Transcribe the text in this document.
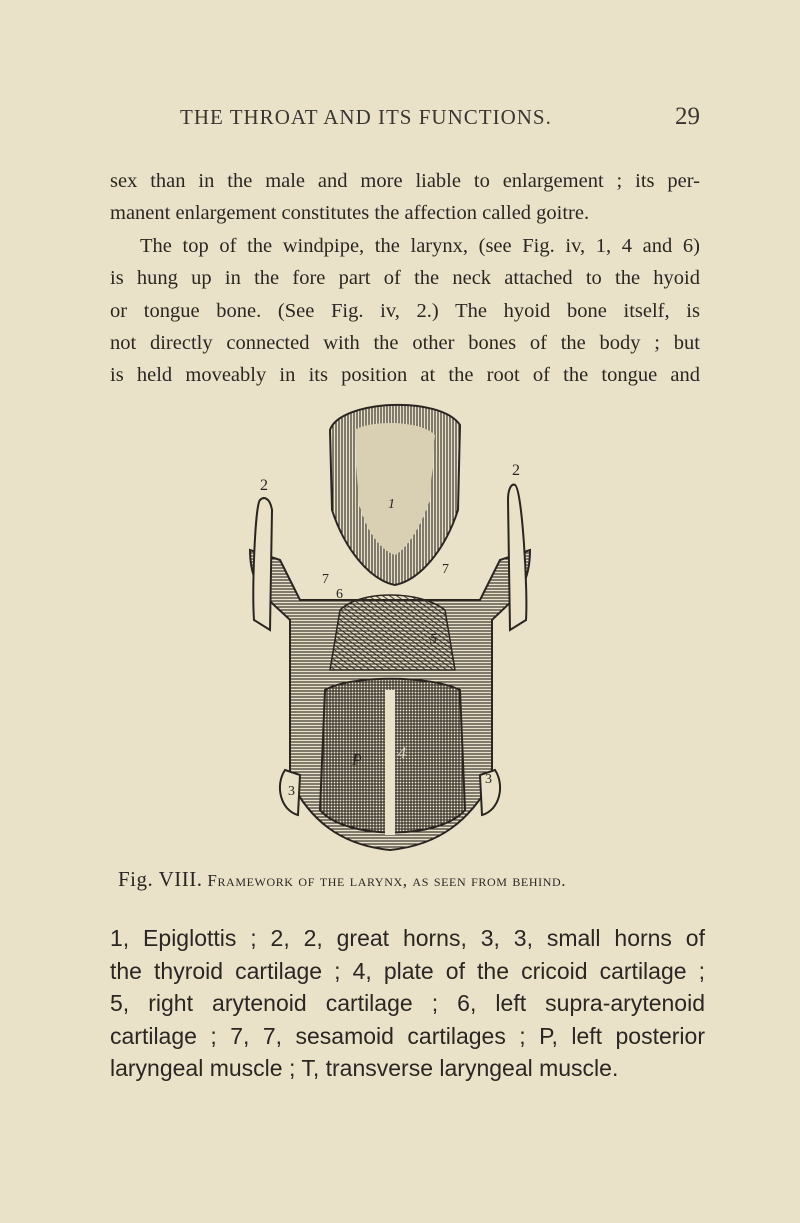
THE THROAT AND ITS FUNCTIONS.	29
sex than in the male and more liable to enlargement ; its per-
manent enlargement constitutes the affection called goitre.
The top of the windpipe, the larynx, (see Fig. iv, 1, 4 and 6)
is hung up in the fore part of the neck attached to the hyoid
or tongue bone. (See Fig. iv, 2.) The hyoid bone itself, is
not directly connected with the other bones of the body ; but
is held moveably in its position at the root of the tongue and
2
2
1
7
7
6
5
P 4
3
3
Fig. VIII. Framework of the larynx, as seen from behind.
1, Epiglottis ; 2, 2, great horns, 3, 3, small horns of
the thyroid cartilage ; 4, plate of the cricoid cartilage ;
5, right arytenoid cartilage ; 6, left supra-arytenoid
cartilage ; 7, 7, sesamoid cartilages ; P, left posterior
laryngeal muscle ; T, transverse laryngeal muscle.
